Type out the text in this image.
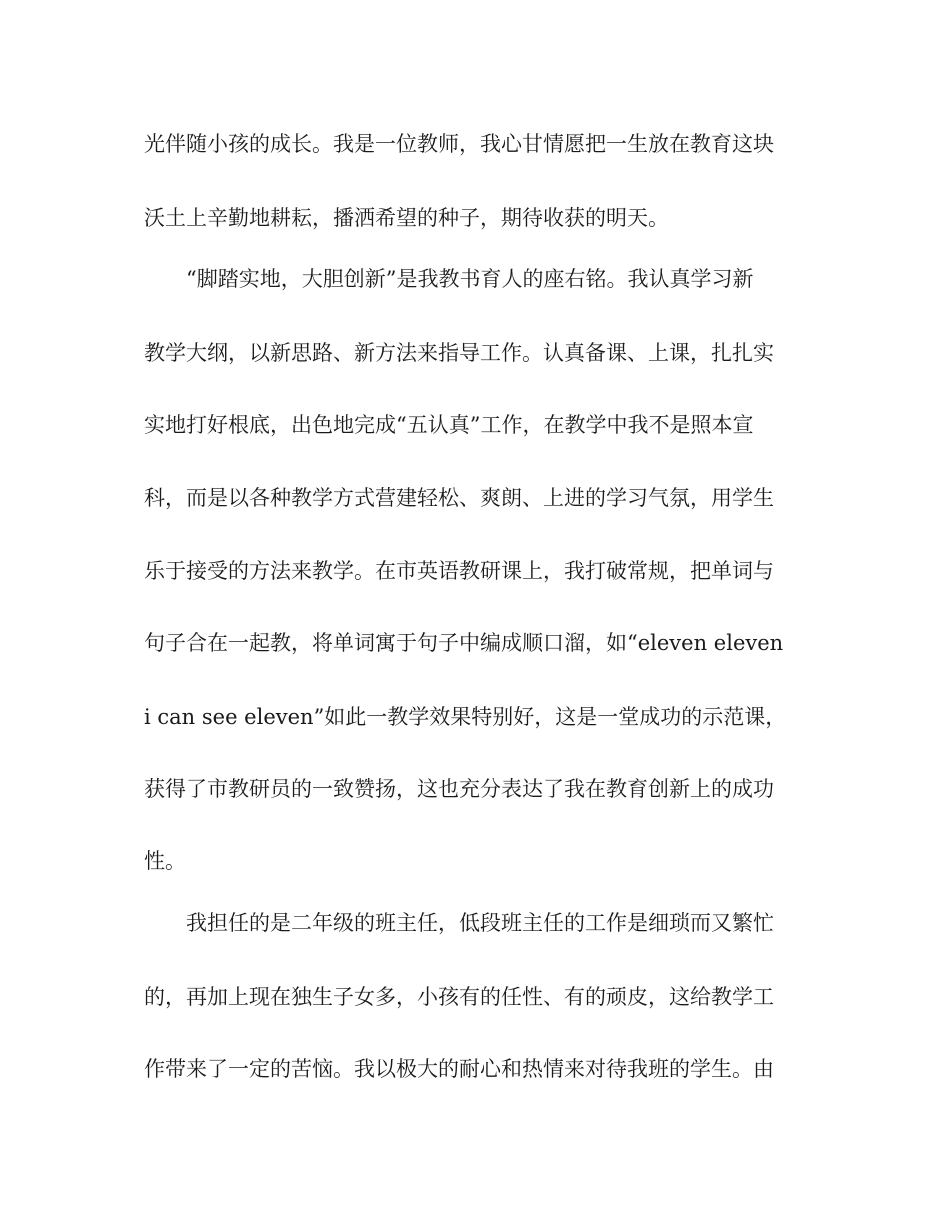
光伴随小孩的成长。我是一位教师，我心甘情愿把一生放在教育这块
沃土上辛勤地耕耘，播洒希望的种子，期待收获的明天。
“脚踏实地，大胆创新”是我教书育人的座右铭。我认真学习新
教学大纲，以新思路、新方法来指导工作。认真备课、上课，扎扎实
实地打好根底，出色地完成“五认真”工作，在教学中我不是照本宣
科，而是以各种教学方式营建轻松、爽朗、上进的学习气氛，用学生
乐于接受的方法来教学。在市英语教研课上，我打破常规，把单词与
句子合在一起教，将单词寓于句子中编成顺口溜，如“eleven eleven
i can see eleven”如此一教学效果特别好，这是一堂成功的示范课，
获得了市教研员的一致赞扬，这也充分表达了我在教育创新上的成功
性。
我担任的是二年级的班主任，低段班主任的工作是细琐而又繁忙
的，再加上现在独生子女多，小孩有的任性、有的顽皮，这给教学工
作带来了一定的苦恼。我以极大的耐心和热情来对待我班的学生。由
